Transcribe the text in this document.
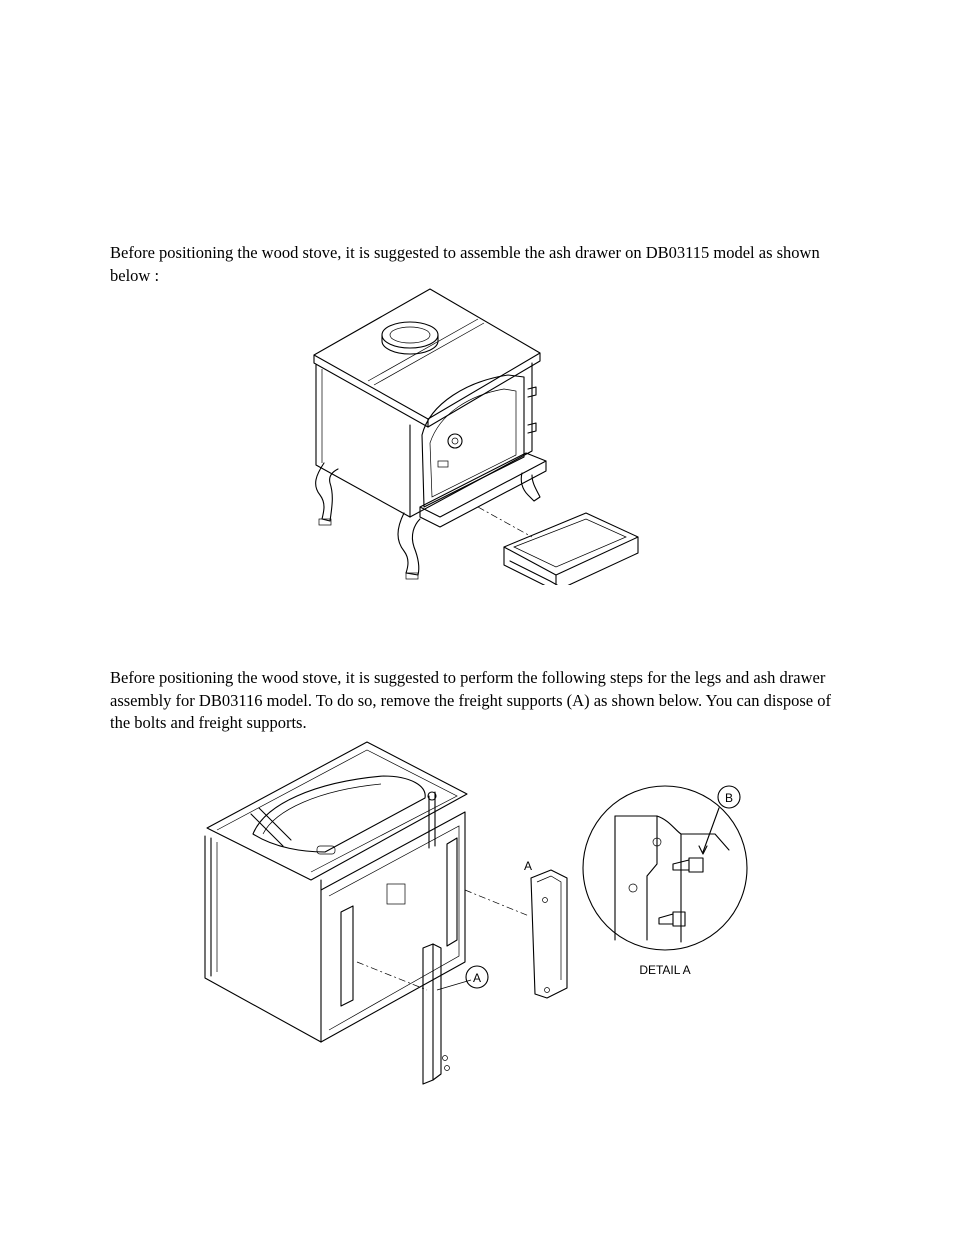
Before positioning the wood stove, it is suggested to assemble the ash drawer on DB03115 model as shown below :

Before positioning the wood stove, it is suggested to perform the following steps for the legs and ash drawer assembly for DB03116 model. To do so, remove the freight supports (A) as shown below. You can dispose of the bolts and freight supports.

A
A
B
DETAIL A
